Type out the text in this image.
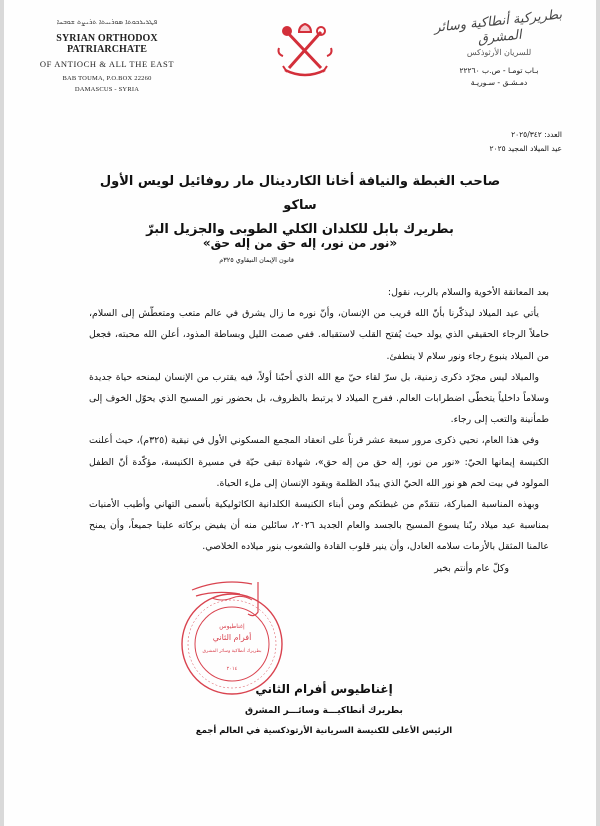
ܦܛܪܝܪܟܘܬܐ ܣܘܪܝܝܬܐ ܬܪܝܨܬ ܫܘܒܚܐ
SYRIAN ORTHODOX PATRIARCHATE
OF ANTIOCH & ALL THE EAST
BAB TOUMA, P.O.BOX 22260
DAMASCUS - SYRIA
بطريركية أنطاكية وسائر المشرق
للسريان الأرثوذكس
بـاب تومـا - ص.ب ٢٢٢٦٠
دمـشـق - سـوريـة
العدد: ٢٠٢٥/٣٤٢
عيد الميلاد المجيد ٢٠٢٥
صاحب الغبطة والنيافة أخانا الكاردينال مار روفائيل لويس الأول ساكو
بطريرك بابل للكلدان الكلي الطوبى والجزيل البرّ
«نور من نور، إله حق من إله حق»
قانون الإيمان النيقاوي ٣٢٥م

بعد المعانقة الأخوية والسلام بالرب، نقول:

يأتي عيد الميلاد ليذكّرنا بأنّ الله قريب من الإنسان، وأنّ نوره ما زال يشرق في عالم متعب ومتعطّش إلى السلام، حاملاً الرجاء الحقيقي الذي يولد حيث يُفتح القلب لاستقباله. ففي صمت الليل وبساطة المذود، أعلن الله محبته، فجعل من الميلاد ينبوع رجاء ونور سلام لا ينطفئ.

والميلاد ليس مجرّد ذكرى زمنية، بل سرّ لقاء حيّ مع الله الذي أحبّنا أولاً، فيه يقترب من الإنسان ليمنحه حياة جديدة وسلاماً داخلياً يتخطّى اضطرابات العالم. ففرح الميلاد لا يرتبط بالظروف، بل بحضور نور المسيح الذي يحوّل الخوف إلى طمأنينة والتعب إلى رجاء.

وفي هذا العام، نحيي ذكرى مرور سبعة عشر قرناً على انعقاد المجمع المسكوني الأول في نيقية (٣٢٥م)، حيث أعلنت الكنيسة إيمانها الحيّ: «نور من نور، إله حق من إله حق»، شهادة تبقى حيّة في مسيرة الكنيسة، مؤكّدة أنّ الطفل المولود في بيت لحم هو نور الله الحيّ الذي يبدّد الظلمة ويقود الإنسان إلى ملء الحياة.

وبهذه المناسبة المباركة، نتقدّم من غبطتكم ومن أبناء الكنيسة الكلدانية الكاثوليكية بأسمى التهاني وأطيب الأمنيات بمناسبة عيد ميلاد ربّنا يسوع المسيح بالجسد والعام الجديد ٢٠٢٦، سائلين منه أن يفيض بركاته علينا جميعاً، وأن يمنح عالمنا المثقل بالأزمات سلامه العادل، وأن ينير قلوب القادة والشعوب بنور ميلاده الخلاصي.

وكلّ عام وأنتم بخير

إغناطيوس
أفرام الثاني
بطريرك أنطاكية وسائر المشرق
٢٠١٤
إغناطيوس أفرام الثاني
بطريرك أنطاكيـــة وسائـــر المشرق
الرئيس الأعلى للكنيسة السريانية الأرثوذكسية في العالم أجمع
